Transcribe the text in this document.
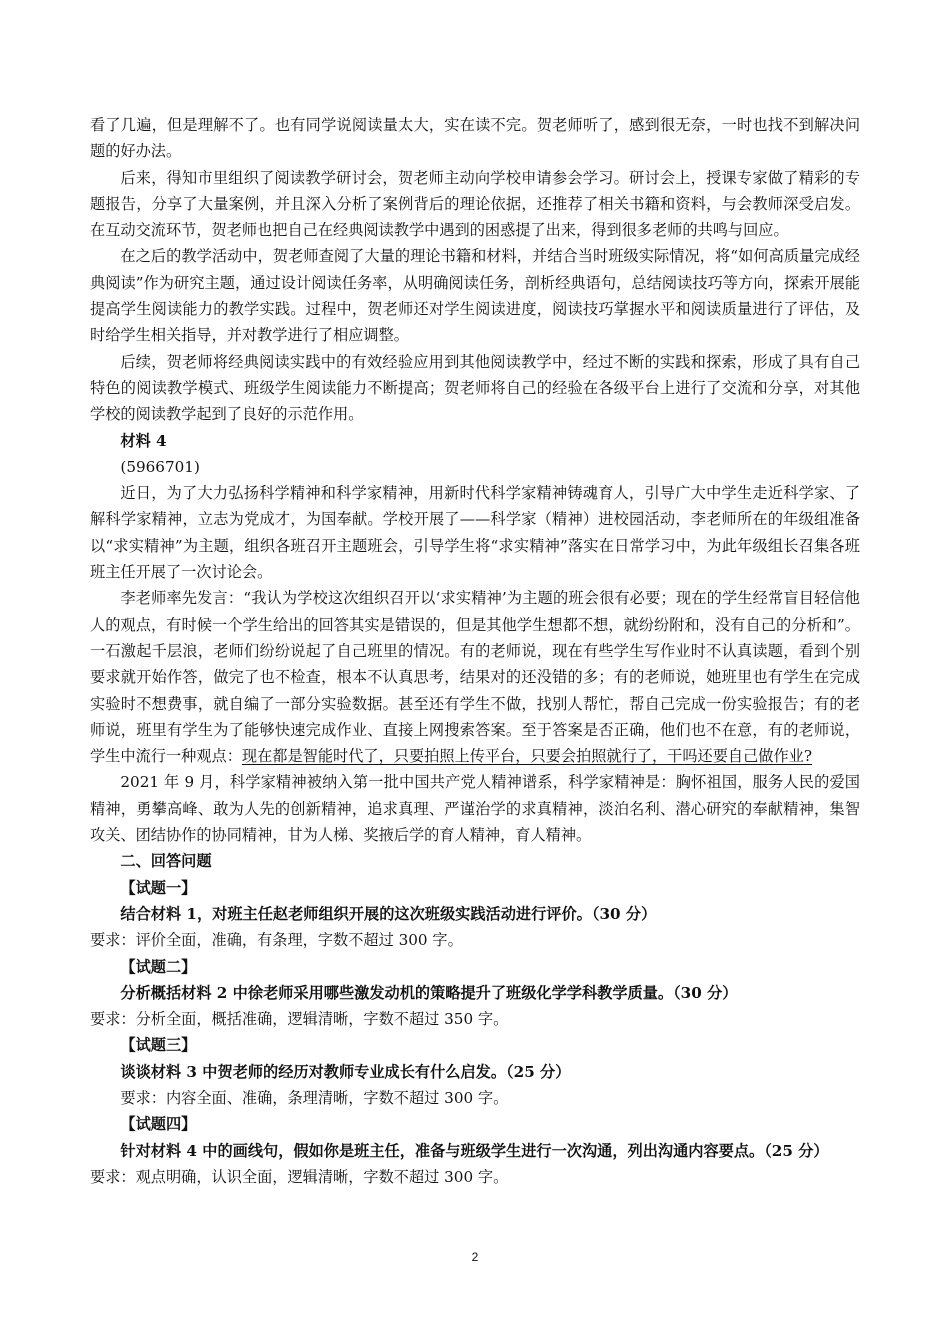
看了几遍，但是理解不了。也有同学说阅读量太大，实在读不完。贺老师听了，感到很无奈，一时也找不到解决问题的好办法。

后来，得知市里组织了阅读教学研讨会，贺老师主动向学校申请参会学习。研讨会上，授课专家做了精彩的专题报告，分享了大量案例，并且深入分析了案例背后的理论依据，还推荐了相关书籍和资料，与会教师深受启发。在互动交流环节，贺老师也把自己在经典阅读教学中遇到的困惑提了出来，得到很多老师的共鸣与回应。

在之后的教学活动中，贺老师查阅了大量的理论书籍和材料，并结合当时班级实际情况，将“如何高质量完成经典阅读”作为研究主题，通过设计阅读任务率，从明确阅读任务，剖析经典语句，总结阅读技巧等方向，探索开展能提高学生阅读能力的教学实践。过程中，贺老师还对学生阅读进度，阅读技巧掌握水平和阅读质量进行了评估，及时给学生相关指导，并对教学进行了相应调整。

后续，贺老师将经典阅读实践中的有效经验应用到其他阅读教学中，经过不断的实践和探索，形成了具有自己特色的阅读教学模式、班级学生阅读能力不断提高；贺老师将自己的经验在各级平台上进行了交流和分享，对其他学校的阅读教学起到了良好的示范作用。

材料 4

(5966701)

近日，为了大力弘扬科学精神和科学家精神，用新时代科学家精神铸魂育人，引导广大中学生走近科学家、了解科学家精神，立志为党成才，为国奉献。学校开展了——科学家（精神）进校园活动，李老师所在的年级组准备以“求实精神”为主题，组织各班召开主题班会，引导学生将“求实精神”落实在日常学习中，为此年级组长召集各班班主任开展了一次讨论会。

李老师率先发言：“我认为学校这次组织召开以‘求实精神’为主题的班会很有必要；现在的学生经常盲目轻信他人的观点，有时候一个学生给出的回答其实是错误的，但是其他学生想都不想，就纷纷附和，没有自己的分析和”。一石激起千层浪，老师们纷纷说起了自己班里的情况。有的老师说，现在有些学生写作业时不认真读题，看到个别要求就开始作答，做完了也不检查，根本不认真思考，结果对的还没错的多；有的老师说，她班里也有学生在完成实验时不想费事，就自编了一部分实验数据。甚至还有学生不做，找别人帮忙，帮自己完成一份实验报告；有的老师说，班里有学生为了能够快速完成作业、直接上网搜索答案。至于答案是否正确，他们也不在意，有的老师说，学生中流行一种观点：现在都是智能时代了，只要拍照上传平台，只要会拍照就行了，干吗还要自己做作业?

2021 年 9 月，科学家精神被纳入第一批中国共产党人精神谱系，科学家精神是：胸怀祖国，服务人民的爱国精神，勇攀高峰、敢为人先的创新精神，追求真理、严谨治学的求真精神，淡泊名利、潜心研究的奉献精神，集智攻关、团结协作的协同精神，甘为人梯、奖掖后学的育人精神，育人精神。

二、回答问题

【试题一】

结合材料 1，对班主任赵老师组织开展的这次班级实践活动进行评价。（30 分）

要求：评价全面，准确，有条理，字数不超过 300 字。

【试题二】

分析概括材料 2 中徐老师采用哪些激发动机的策略提升了班级化学学科教学质量。（30 分）

要求：分析全面，概括准确，逻辑清晰，字数不超过 350 字。

【试题三】

谈谈材料 3 中贺老师的经历对教师专业成长有什么启发。（25 分）

要求：内容全面、准确，条理清晰，字数不超过 300 字。

【试题四】

针对材料 4 中的画线句，假如你是班主任，准备与班级学生进行一次沟通，列出沟通内容要点。（25 分）

要求：观点明确，认识全面，逻辑清晰，字数不超过 300 字。

2
